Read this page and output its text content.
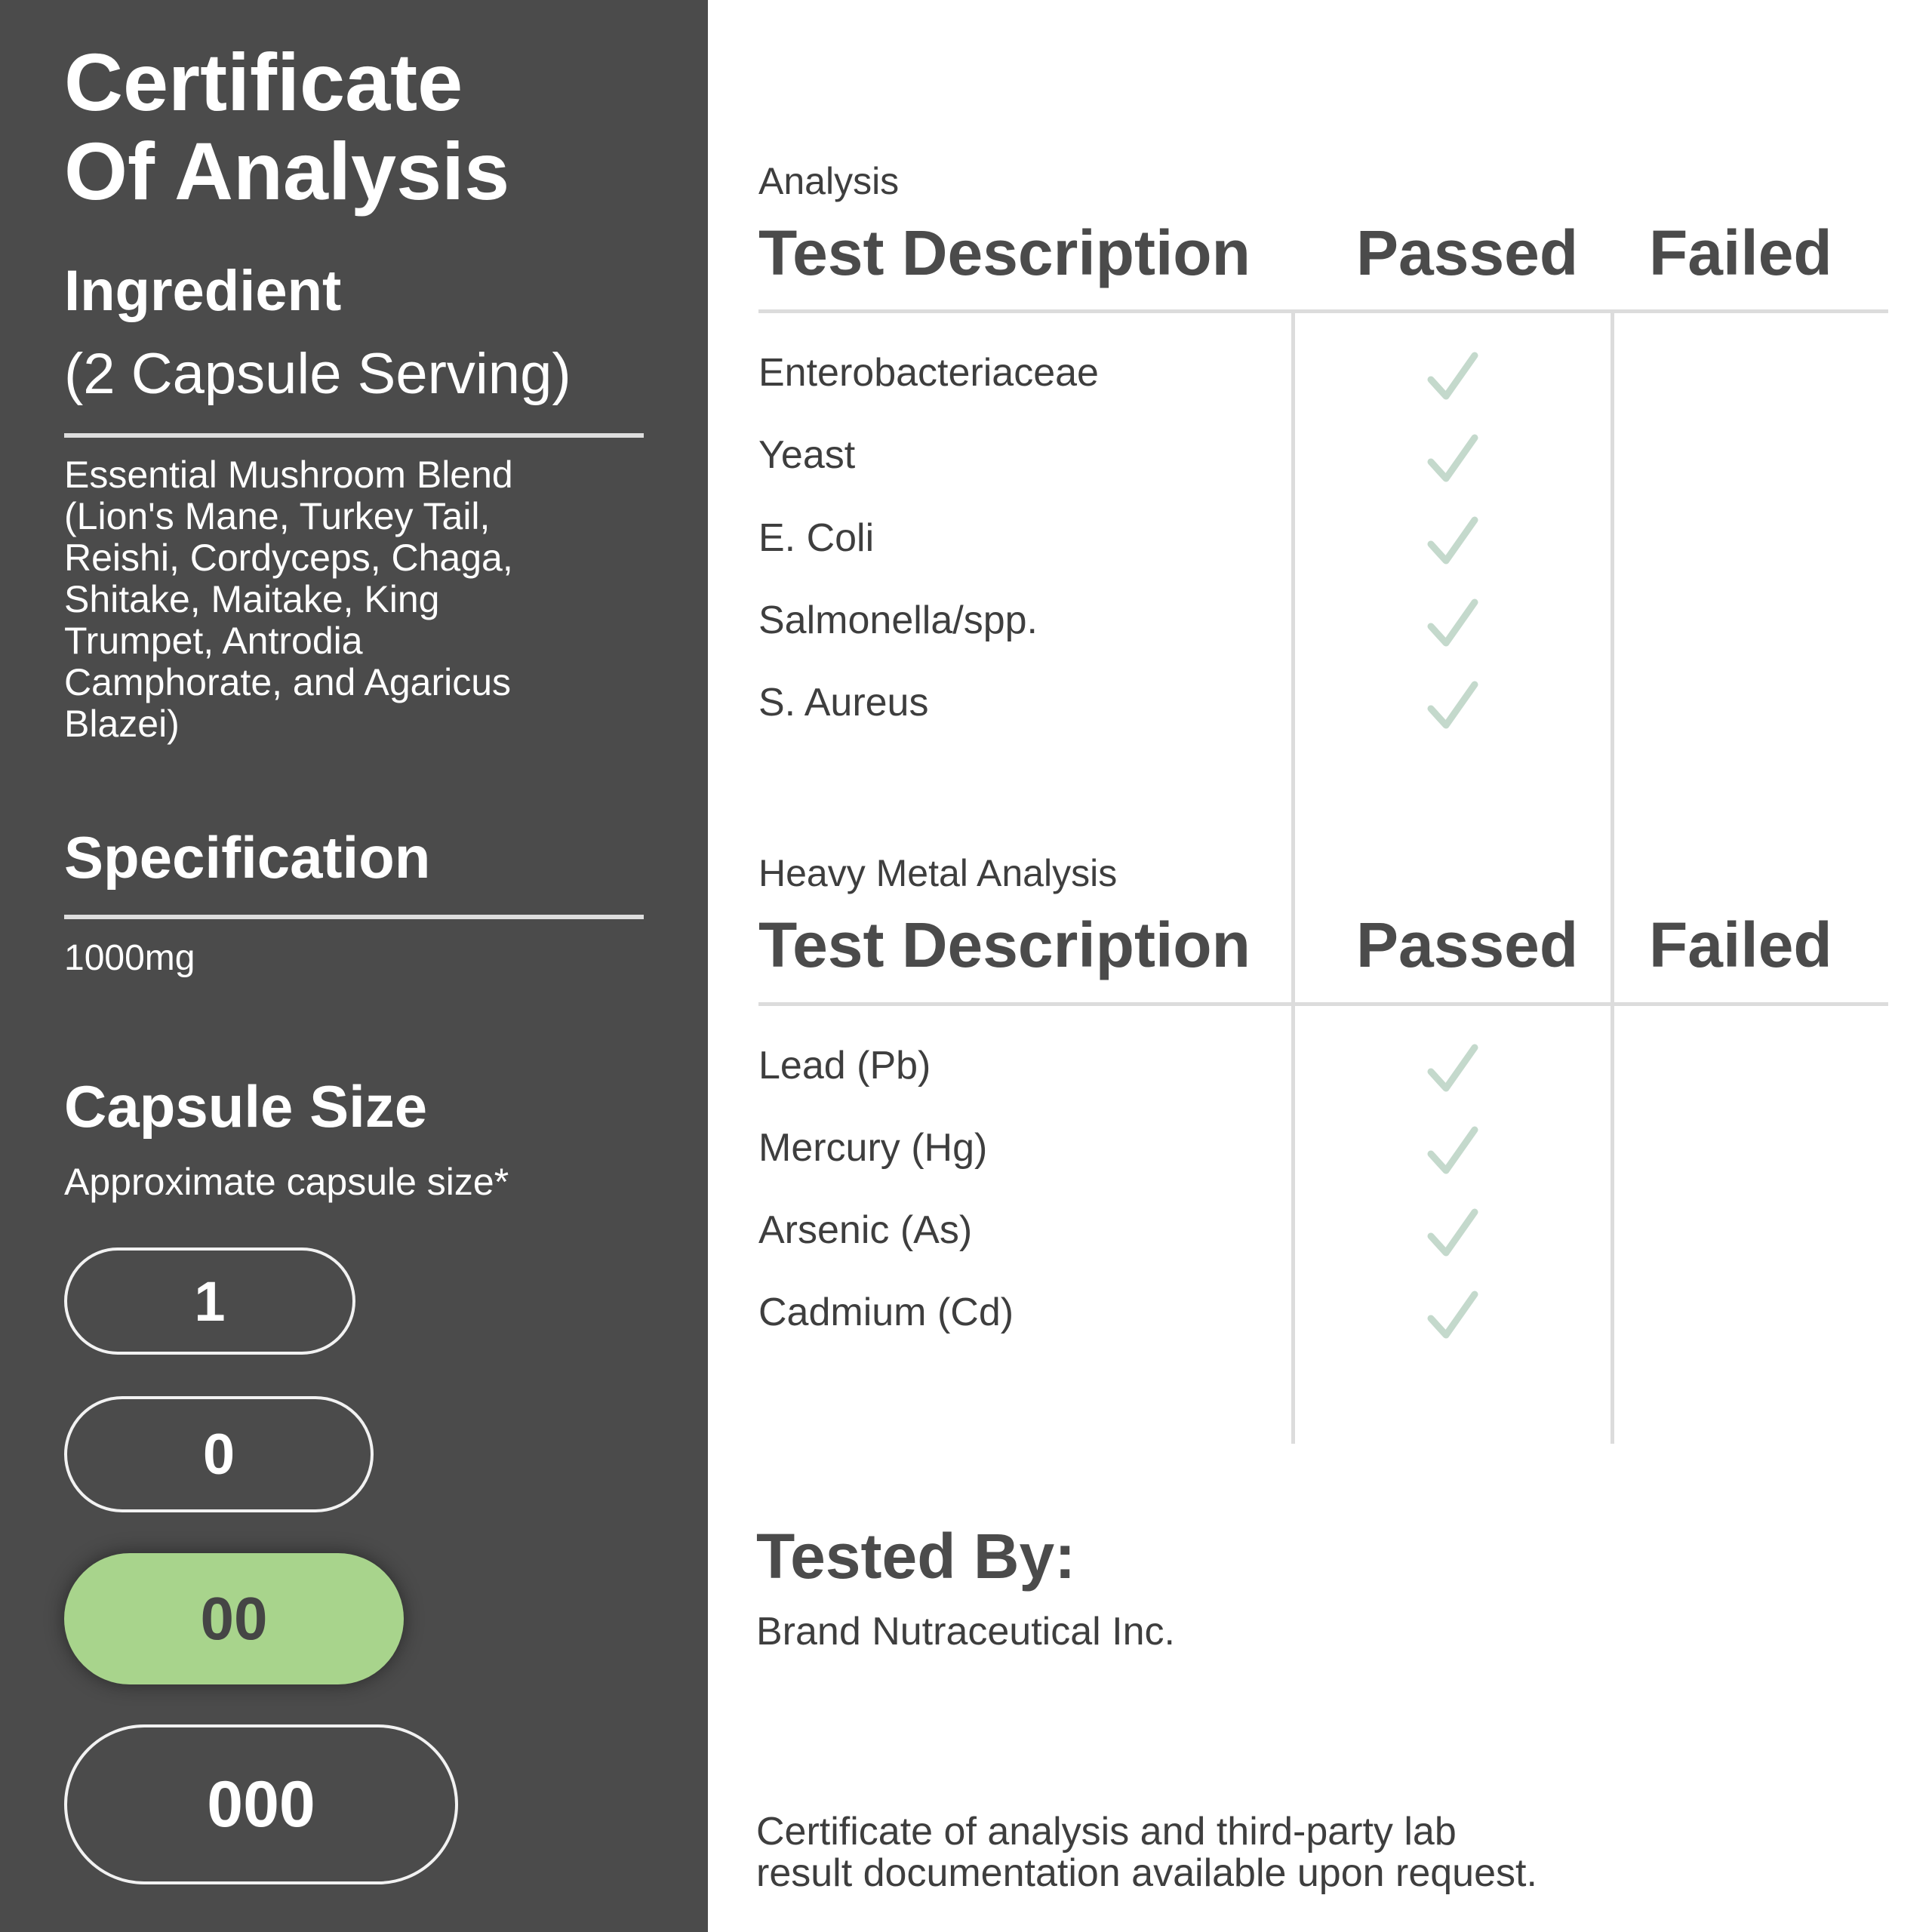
Certificate
Of Analysis
Ingredient
(2 Capsule Serving)
Essential Mushroom Blend
(Lion's Mane, Turkey Tail,
Reishi, Cordyceps, Chaga,
Shitake, Maitake, King
Trumpet, Antrodia
Camphorate, and Agaricus
Blazei)
Specification
1000mg
Capsule Size
Approximate capsule size*
1
0
00
000
Analysis
Test Description Passed Failed
Enterobacteriaceae
Yeast
E. Coli
Salmonella/spp.
S. Aureus
Heavy Metal Analysis
Test Description Passed Failed
Lead (Pb)
Mercury (Hg)
Arsenic (As)
Cadmium (Cd)
Tested By:
Brand Nutraceutical Inc.
Certificate of analysis and third-party lab
result documentation available upon request.
